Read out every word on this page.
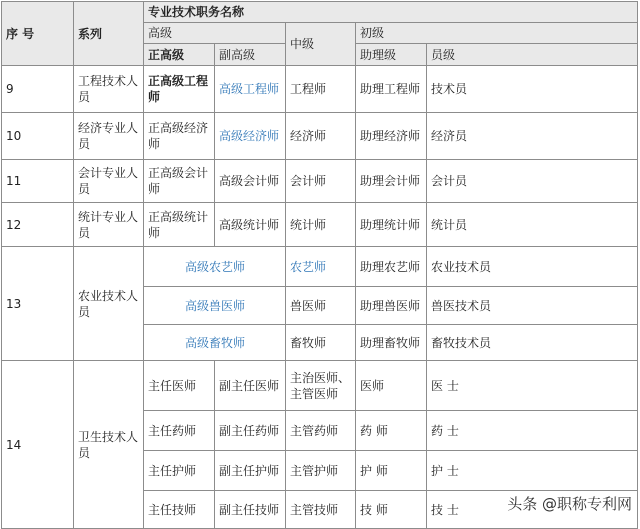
序 号	系列	专业技术职务名称				
		高级		中级	初级	
		正高级	副高级		助理级	员级
9	工程技术人员	正高级工程师	高级工程师	工程师	助理工程师	技术员
10	经济专业人员	正高级经济师	高级经济师	经济师	助理经济师	经济员
11	会计专业人员	正高级会计师	高级会计师	会计师	助理会计师	会计员
12	统计专业人员	正高级统计师	高级统计师	统计师	助理统计师	统计员
13	农业技术人员	高级农艺师		农艺师	助理农艺师	农业技术员
		高级兽医师		兽医师	助理兽医师	兽医技术员
		高级畜牧师		畜牧师	助理畜牧师	畜牧技术员
14	卫生技术人员	主任医师	副主任医师	主治医师、主管医师	医师	医 士
		主任药师	副主任药师	主管药师	药 师	药 士
		主任护师	副主任护师	主管护师	护 师	护 士
		主任技师	副主任技师	主管技师	技 师	技 士	头条 @职称专利网
